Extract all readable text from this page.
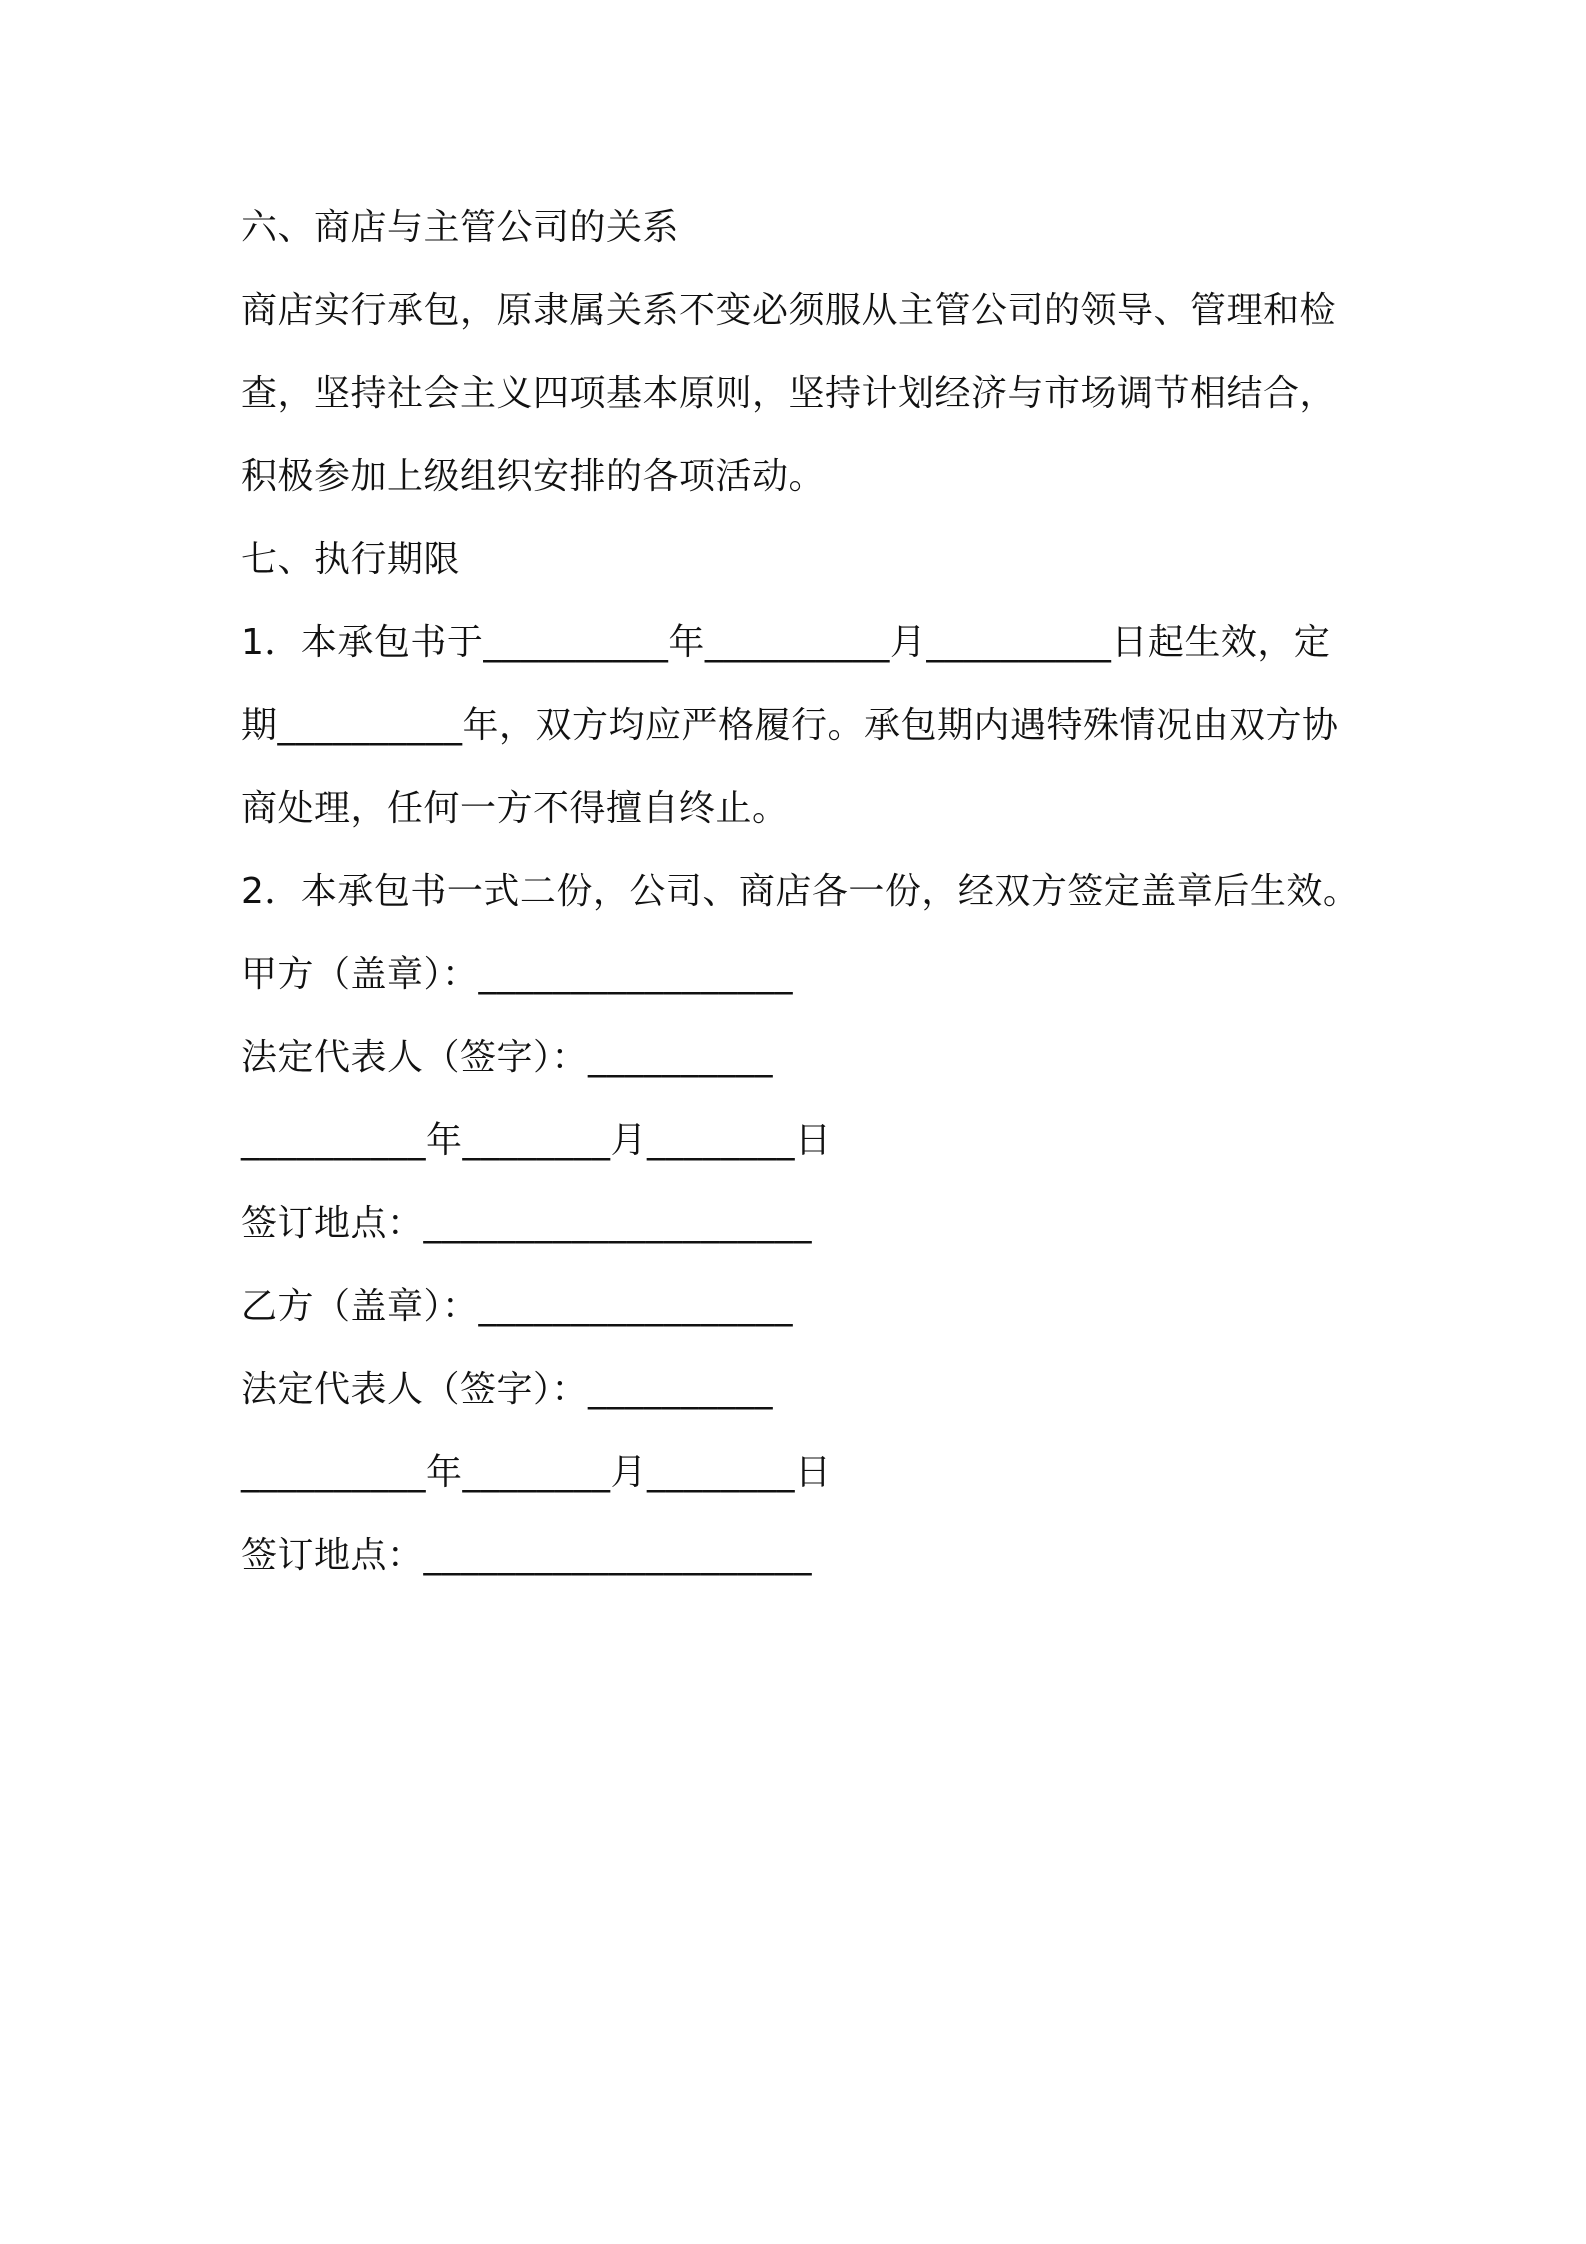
六、商店与主管公司的关系
商店实行承包，原隶属关系不变必须服从主管公司的领导、管理和检
查，坚持社会主义四项基本原则，坚持计划经济与市场调节相结合，
积极参加上级组织安排的各项活动。
七、执行期限
1．本承包书于__________年__________月__________日起生效，定
期__________年，双方均应严格履行。承包期内遇特殊情况由双方协
商处理，任何一方不得擅自终止。
2．本承包书一式二份，公司、商店各一份，经双方签定盖章后生效。
甲方（盖章）：_________________
法定代表人（签字）：__________
__________年________月________日
签订地点：_____________________
乙方（盖章）：_________________
法定代表人（签字）：__________
__________年________月________日
签订地点：_____________________
